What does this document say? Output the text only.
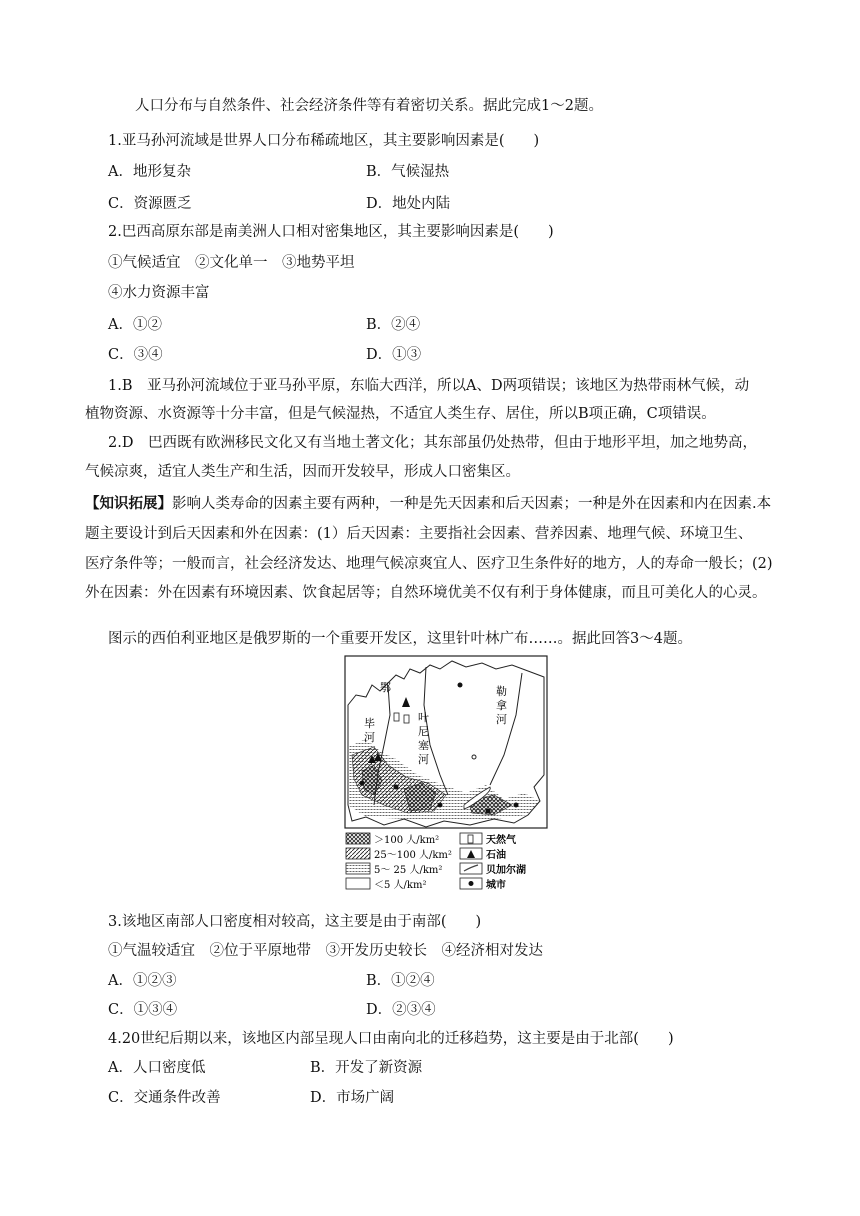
人口分布与自然条件、社会经济条件等有着密切关系。据此完成1～2题。
1.亚马孙河流域是世界人口分布稀疏地区，其主要影响因素是(　　)
A．地形复杂	B．气候湿热
C．资源匮乏	D．地处内陆
2.巴西高原东部是南美洲人口相对密集地区，其主要影响因素是(　　)
①气候适宜　②文化单一　③地势平坦
④水力资源丰富
A．①②	B．②④
C．③④	D．①③
1.B　亚马孙河流域位于亚马孙平原，东临大西洋，所以A、D两项错误；该地区为热带雨林气候，动
植物资源、水资源等十分丰富，但是气候湿热，不适宜人类生存、居住，所以B项正确，C项错误。
2.D　巴西既有欧洲移民文化又有当地土著文化；其东部虽仍处热带，但由于地形平坦，加之地势高，
气候凉爽，适宜人类生产和生活，因而开发较早，形成人口密集区。
【知识拓展】影响人类寿命的因素主要有两种，一种是先天因素和后天因素；一种是外在因素和内在因素.本
题主要设计到后天因素和外在因素：(1）后天因素：主要指社会因素、营养因素、地理气候、环境卫生、
医疗条件等；一般而言，社会经济发达、地理气候凉爽宜人、医疗卫生条件好的地方，人的寿命一般长；(2)
外在因素：外在因素有环境因素、饮食起居等；自然环境优美不仅有利于身体健康，而且可美化人的心灵。
图示的西伯利亚地区是俄罗斯的一个重要开发区，这里针叶林广布……。据此回答3～4题。
鄂
毕
河
叶
尼
塞
河
勒
拿
河
＞100 人/km²
25～100 人/km²
5～ 25 人/km²
＜5 人/km²
天然气
石油
贝加尔湖
城市
3.该地区南部人口密度相对较高，这主要是由于南部(　　)
①气温较适宜　②位于平原地带　③开发历史较长　④经济相对发达
A．①②③	B．①②④
C．①③④	D．②③④
4.20世纪后期以来，该地区内部呈现人口由南向北的迁移趋势，这主要是由于北部(　　)
A．人口密度低	B．开发了新资源
C．交通条件改善	D．市场广阔
